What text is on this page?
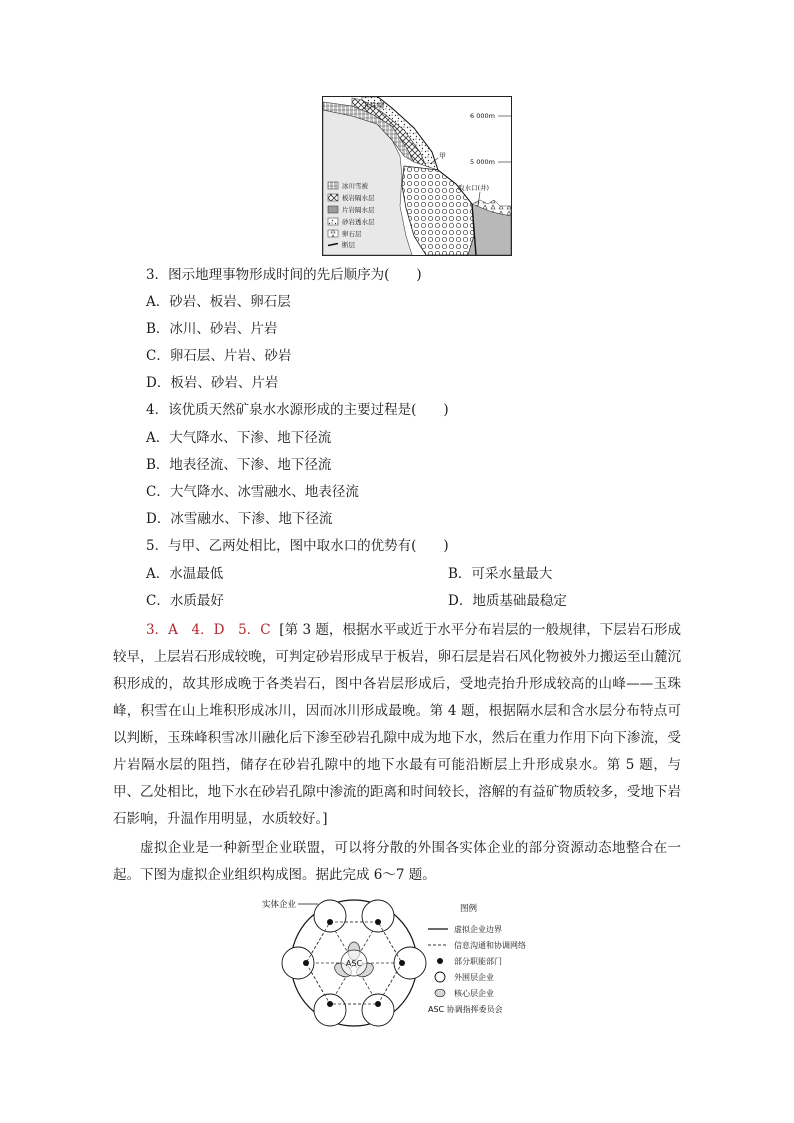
玉珠峰
6 000m
5 000m
甲
取水口(井)
冰川雪被
板岩隔水层
片岩隔水层
砂岩透水层
卵石层
断层
3．图示地理事物形成时间的先后顺序为(　　)
A．砂岩、板岩、卵石层
B．冰川、砂岩、片岩
C．卵石层、片岩、砂岩
D．板岩、砂岩、片岩
4．该优质天然矿泉水水源形成的主要过程是(　　)
A．大气降水、下渗、地下径流
B．地表径流、下渗、地下径流
C．大气降水、冰雪融水、地表径流
D．冰雪融水、下渗、地下径流
5．与甲、乙两处相比，图中取水口的优势有(　　)
A．水温最低	B．可采水量最大
C．水质最好	D．地质基础最稳定
3．A　4．D　5．C [第 3 题，根据水平或近于水平分布岩层的一般规律，下层岩石形成较早，上层岩石形成较晚，可判定砂岩形成早于板岩，卵石层是岩石风化物被外力搬运至山麓沉积形成的，故其形成晚于各类岩石，图中各岩层形成后，受地壳抬升形成较高的山峰——玉珠峰，积雪在山上堆积形成冰川，因而冰川形成最晚。第 4 题，根据隔水层和含水层分布特点可以判断，玉珠峰积雪冰川融化后下渗至砂岩孔隙中成为地下水，然后在重力作用下向下渗流，受片岩隔水层的阻挡，储存在砂岩孔隙中的地下水最有可能沿断层上升形成泉水。第 5 题，与甲、乙处相比，地下水在砂岩孔隙中渗流的距离和时间较长，溶解的有益矿物质较多，受地下岩石影响，升温作用明显，水质较好。]
虚拟企业是一种新型企业联盟，可以将分散的外围各实体企业的部分资源动态地整合在一起。下图为虚拟企业组织构成图。据此完成 6～7 题。
ASC
实体企业	图例
虚拟企业边界
信息沟通和协调网络
部分职能部门
外围层企业
核心层企业
ASC 协调指挥委员会
